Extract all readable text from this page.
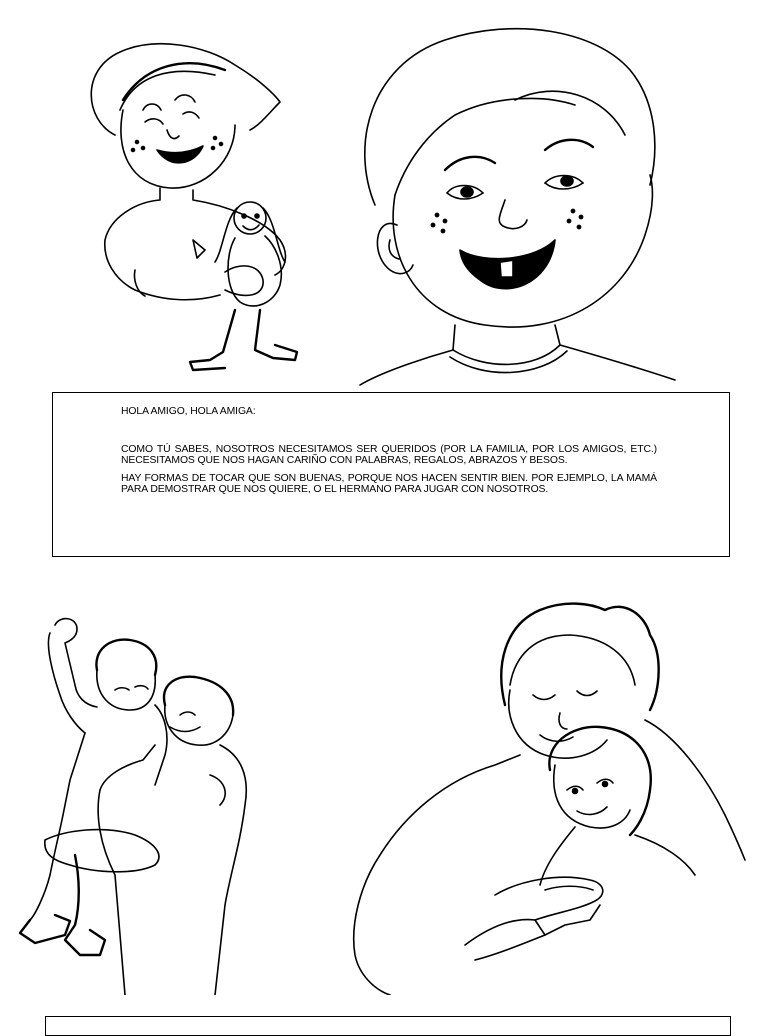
HOLA AMIGO, HOLA AMIGA:

COMO TÚ SABES, NOSOTROS NECESITAMOS SER QUERIDOS (POR LA FAMILIA, POR LOS AMIGOS, ETC.) NECESITAMOS QUE NOS HAGAN CARIÑO CON PALABRAS, REGALOS, ABRAZOS Y BESOS.

HAY FORMAS DE TOCAR QUE SON BUENAS, PORQUE NOS HACEN SENTIR BIEN. POR EJEMPLO, LA MAMÁ PARA DEMOSTRAR QUE NOS QUIERE, O EL HERMANO PARA JUGAR CON NOSOTROS.
